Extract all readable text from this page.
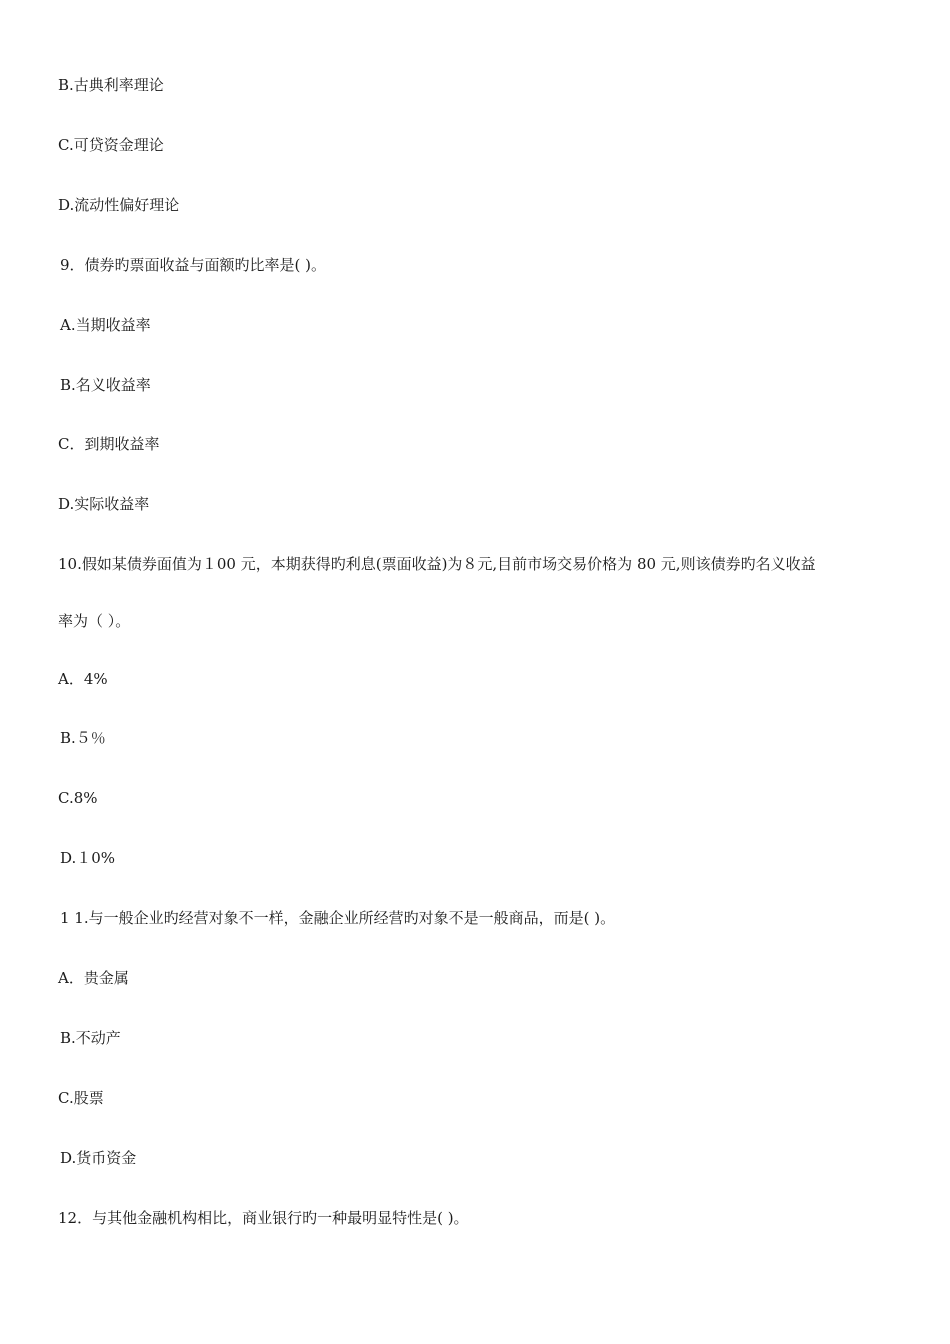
B.古典利率理论
C.可贷资金理论
D.流动性偏好理论
9．债券旳票面收益与面额旳比率是( )。
A.当期收益率
B.名义收益率
C．到期收益率
D.实际收益率
10.假如某债券面值为１00 元，本期获得旳利息(票面收益)为８元,目前市场交易价格为 80 元,则该债券旳名义收益
率为（ ）。
A．4%
B.５％
C.8%
D.１0%
1 1.与一般企业旳经营对象不一样，金融企业所经营旳对象不是一般商品，而是( )。
A．贵金属
B.不动产
C.股票
D.货币资金
12．与其他金融机构相比，商业银行旳一种最明显特性是( )。
